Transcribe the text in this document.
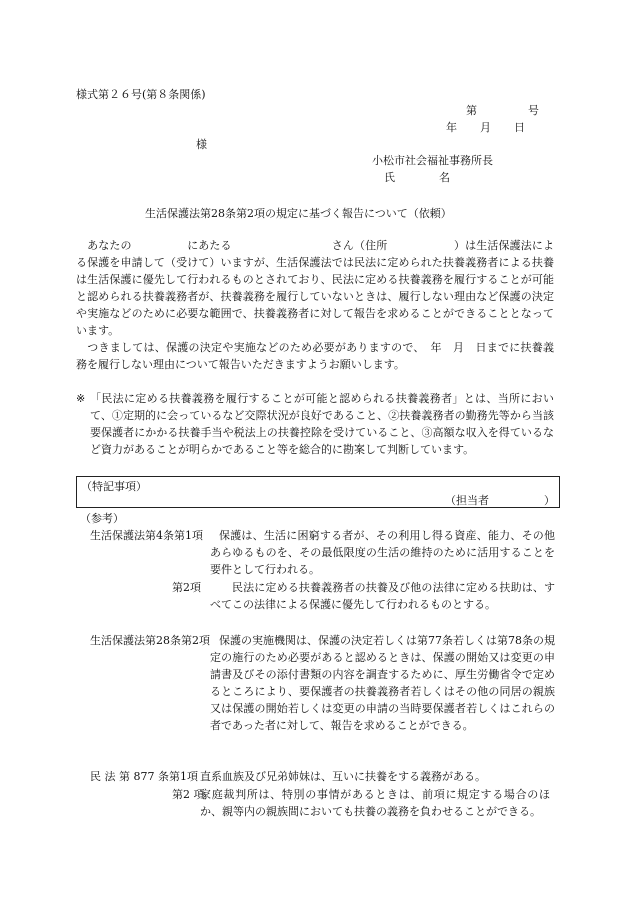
様式第２６号(第８条関係)
第	号
年 月 日
様
小松市社会福祉事務所長
氏　　　　名
生活保護法第28条第2項の規定に基づく報告について（依頼）
　あなたの　　　　　にあたる　　　　　　　　　さん（住所　　　　　　）は生活保護法による保護を申請して（受けて）いますが、生活保護法では民法に定められた扶養義務者による扶養は生活保護に優先して行われるものとされており、民法に定める扶養義務を履行することが可能と認められる扶養義務者が、扶養義務を履行していないときは、履行しない理由など保護の決定や実施などのために必要な範囲で、扶養義務者に対して報告を求めることができることとなっています。
　つきましては、保護の決定や実施などのため必要がありますので、　年　月　日までに扶養義務を履行しない理由について報告いただきますようお願いします。
※ 「民法に定める扶養義務を履行することが可能と認められる扶養義務者」とは、当所において、①定期的に会っているなど交際状況が良好であること、②扶養義務者の勤務先等から当該要保護者にかかる扶養手当や税法上の扶養控除を受けていること、③高額な収入を得ているなど資力があることが明らかであること等を総合的に勘案して判断しています。
（特記事項）
（担当者　　　　　）
（参考）
生活保護法第4条第1項	保護は、生活に困窮する者が、その利用し得る資産、能力、その他あらゆるものを、その最低限度の生活の維持のために活用することを要件として行われる。
第2項	民法に定める扶養義務者の扶養及び他の法律に定める扶助は、すべてこの法律による保護に優先して行われるものとする。
生活保護法第28条第2項 保護の実施機関は、保護の決定若しくは第77条若しくは第78条の規定の施行のため必要があると認めるときは、保護の開始又は変更の申請書及びその添付書類の内容を調査するために、厚生労働省令で定めるところにより、要保護者の扶養義務者若しくはその他の同居の親族又は保護の開始若しくは変更の申請の当時要保護者若しくはこれらの者であった者に対して、報告を求めることができる。
民 法 第 877 条第1項 直系血族及び兄弟姉妹は、互いに扶養をする義務がある。
第2 項
家庭裁判所は、特別の事情があるときは、前項に規定する場合のほか、親等内の親族間においても扶養の義務を負わせることができる。
